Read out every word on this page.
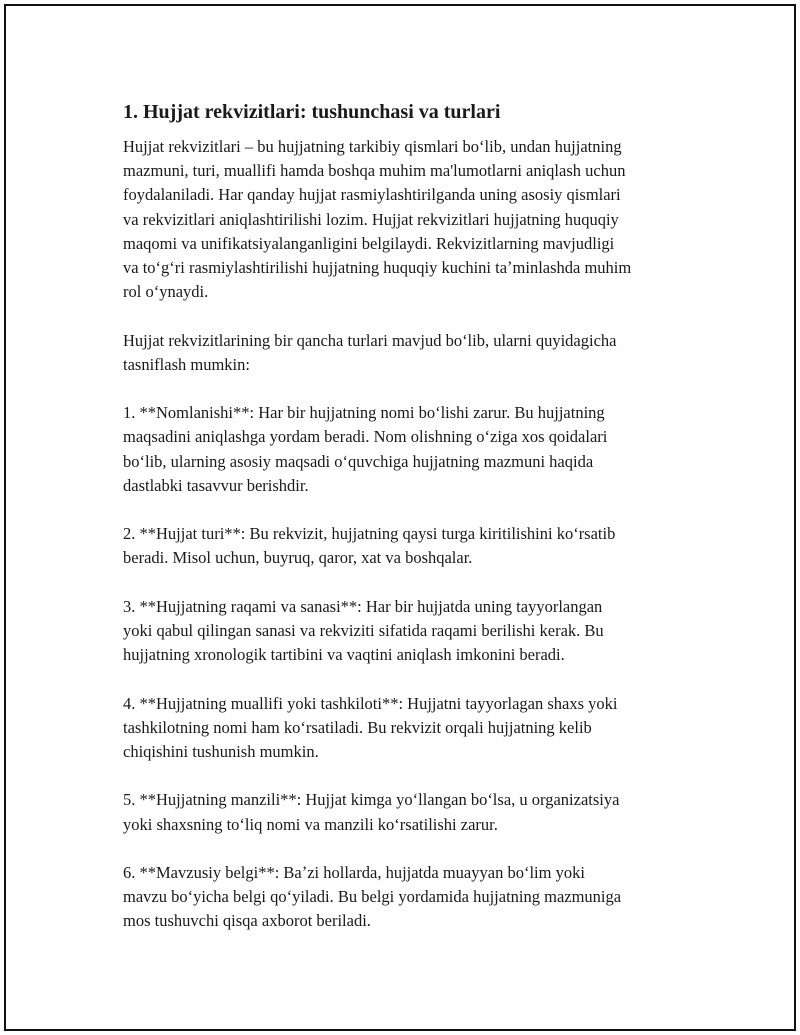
1. Hujjat rekvizitlari: tushunchasi va turlari
Hujjat rekvizitlari – bu hujjatning tarkibiy qismlari boʻlib, undan hujjatning
mazmuni, turi, muallifi hamda boshqa muhim ma'lumotlarni aniqlash uchun
foydalaniladi. Har qanday hujjat rasmiylashtirilganda uning asosiy qismlari
va rekvizitlari aniqlashtirilishi lozim. Hujjat rekvizitlari hujjatning huquqiy
maqomi va unifikatsiyalanganligini belgilaydi. Rekvizitlarning mavjudligi
va toʻgʻri rasmiylashtirilishi hujjatning huquqiy kuchini taʼminlashda muhim
rol oʻynaydi.
Hujjat rekvizitlarining bir qancha turlari mavjud boʻlib, ularni quyidagicha
tasniflash mumkin:
1. **Nomlanishi**: Har bir hujjatning nomi boʻlishi zarur. Bu hujjatning
maqsadini aniqlashga yordam beradi. Nom olishning oʻziga xos qoidalari
boʻlib, ularning asosiy maqsadi oʻquvchiga hujjatning mazmuni haqida
dastlabki tasavvur berishdir.
2. **Hujjat turi**: Bu rekvizit, hujjatning qaysi turga kiritilishini koʻrsatib
beradi. Misol uchun, buyruq, qaror, xat va boshqalar.
3. **Hujjatning raqami va sanasi**: Har bir hujjatda uning tayyorlangan
yoki qabul qilingan sanasi va rekviziti sifatida raqami berilishi kerak. Bu
hujjatning xronologik tartibini va vaqtini aniqlash imkonini beradi.
4. **Hujjatning muallifi yoki tashkiloti**: Hujjatni tayyorlagan shaxs yoki
tashkilotning nomi ham koʻrsatiladi. Bu rekvizit orqali hujjatning kelib
chiqishini tushunish mumkin.
5. **Hujjatning manzili**: Hujjat kimga yoʻllangan boʻlsa, u organizatsiya
yoki shaxsning toʻliq nomi va manzili koʻrsatilishi zarur.
6. **Mavzusiy belgi**: Baʼzi hollarda, hujjatda muayyan boʻlim yoki
mavzu boʻyicha belgi qoʻyiladi. Bu belgi yordamida hujjatning mazmuniga
mos tushuvchi qisqa axborot beriladi.
